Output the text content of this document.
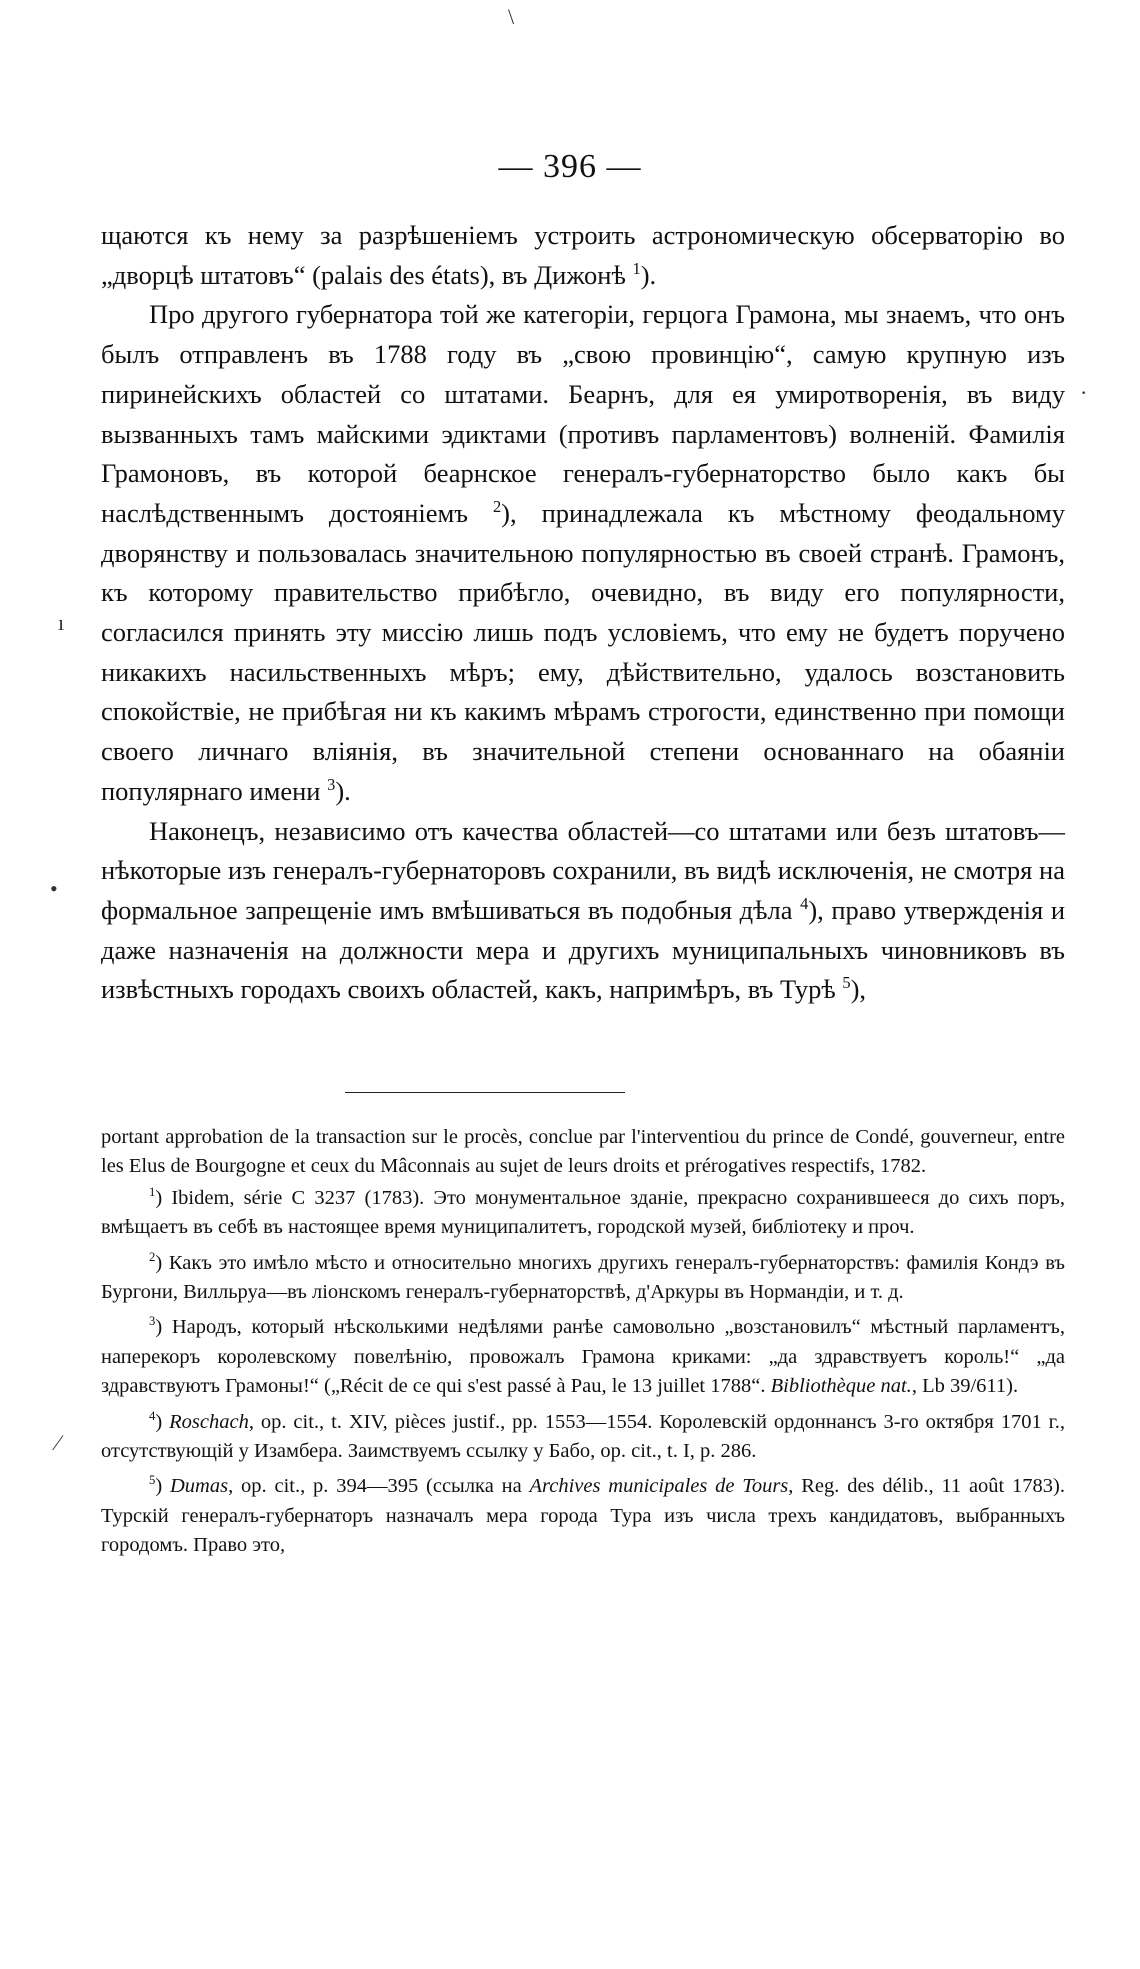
\
·
ı
•
⁄
— 396 —

щаются къ нему за разрѣшеніемъ устроить астрономическую обсерваторію во „дворцѣ штатовъ“ (palais des états), въ Дижонѣ $^1$).

Про другого губернатора той же категоріи, герцога Грамона, мы знаемъ, что онъ былъ отправленъ въ 1788 году въ „свою провинцію“, самую крупную изъ пиринейскихъ областей со штатами. Беарнъ, для ея умиротворенія, въ виду вызванныхъ тамъ майскими эдиктами (противъ парламентовъ) волненій. Фамилія Грамоновъ, въ которой беарнское генералъ-губернаторство было какъ бы наслѣдственнымъ достояніемъ $^2$), принадлежала къ мѣстному феодальному дворянству и пользовалась значительною популярностью въ своей странѣ. Грамонъ, къ которому правительство прибѣгло, очевидно, въ виду его популярности, согласился принять эту миссію лишь подъ условіемъ, что ему не будетъ поручено никакихъ насильственныхъ мѣръ; ему, дѣйствительно, удалось возстановить спокойствіе, не прибѣгая ни къ какимъ мѣрамъ строгости, единственно при помощи своего личнаго вліянія, въ значительной степени основаннаго на обаяніи популярнаго имени $^3$).

Наконецъ, независимо отъ качества областей—со штатами или безъ штатовъ—нѣкоторые изъ генералъ-губернаторовъ сохранили, въ видѣ исключенія, не смотря на формальное запрещеніе имъ вмѣшиваться въ подобныя дѣла $^4$), право утвержденія и даже назначенія на должности мера и другихъ муниципальныхъ чиновниковъ въ извѣстныхъ городахъ своихъ областей, какъ, напримѣръ, въ Турѣ $^5$),

portant approbation de la transaction sur le procès, conclue par l'interventiou du prince de Condé, gouverneur, entre les Elus de Bourgogne et ceux du Mâconnais au sujet de leurs droits et prérogatives respectifs, 1782.

$^1$) Ibidem, série C 3237 (1783). Это монументальное зданіе, прекрасно сохранившееся до сихъ поръ, вмѣщаетъ въ себѣ въ настоящее время муниципалитетъ, городской музей, библіотеку и проч.

$^2$) Какъ это имѣло мѣсто и относительно многихъ другихъ генералъ-губернаторствъ: фамилія Кондэ въ Бургони, Вилльруа—въ ліонскомъ генералъ-губернаторствѣ, д'Аркуры въ Нормандіи, и т. д.

$^3$) Народъ, который нѣсколькими недѣлями ранѣе самовольно „возстановилъ“ мѣстный парламентъ, наперекоръ королевскому повелѣнію, провожалъ Грамона криками: „да здравствуетъ король!“ „да здравствуютъ Грамоны!“ („Récit de ce qui s'est passé à Pau, le 13 juillet 1788“. Bibliothèque nat., Lb 39/611).

$^4$) Roschach, op. cit., t. XIV, pièces justif., pp. 1553—1554. Королевскій ордоннансъ 3-го октября 1701 г., отсутствующій у Изамбера. Заимствуемъ ссылку у Бабо, op. cit., t. I, p. 286.

$^5$) Dumas, op. cit., p. 394—395 (ссылка на Archives municipales de Tours, Reg. des délib., 11 août 1783). Турскій генералъ-губернаторъ назначалъ мера города Тура изъ числа трехъ кандидатовъ, выбранныхъ городомъ. Право это,
